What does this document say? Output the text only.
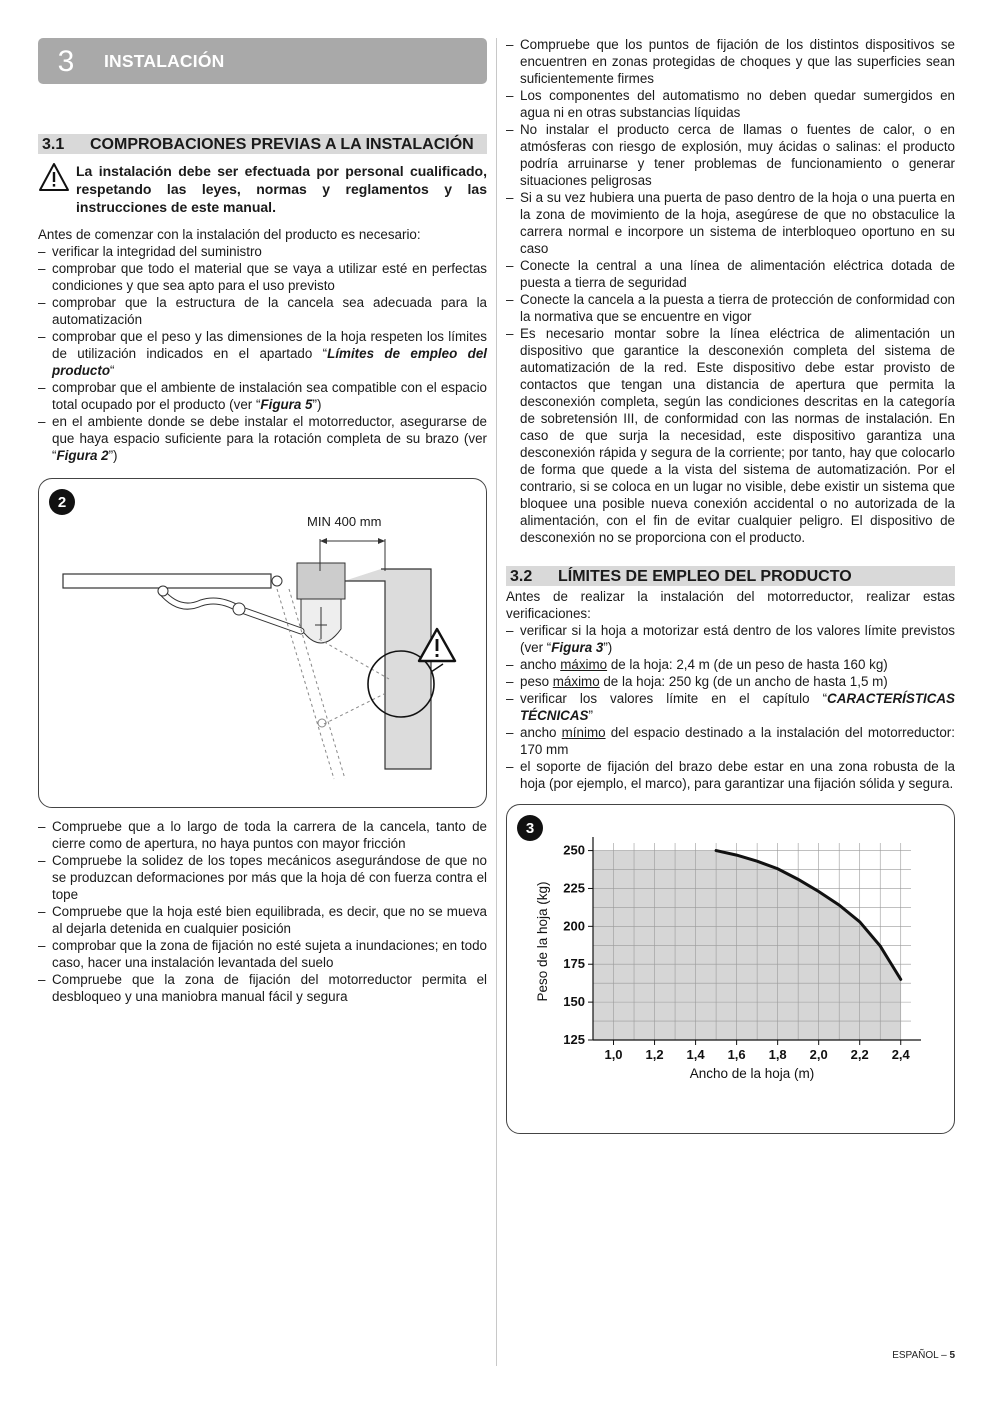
3	INSTALACIÓN
3.1	COMPROBACIONES PREVIAS A LA INSTALACIÓN
La instalación debe ser efectuada por personal cualificado, respetando las leyes, normas y reglamentos y las instrucciones de este manual.

Antes de comenzar con la instalación del producto es necesario:

– verificar la integridad del suministro
– comprobar que todo el material que se vaya a utilizar esté en perfectas condiciones y que sea apto para el uso previsto
– comprobar que la estructura de la cancela sea adecuada para la automatización
– comprobar que el peso y las dimensiones de la hoja respeten los límites de utilización indicados en el apartado “Límites de empleo del producto“
– comprobar que el ambiente de instalación sea compatible con el espacio total ocupado por el producto (ver “Figura 5”)
– en el ambiente donde se debe instalar el motorreductor, asegurarse de que haya espacio suficiente para la rotación completa de su brazo (ver “Figura 2”)
2
MIN 400 mm
– Compruebe que a lo largo de toda la carrera de la cancela, tanto de cierre como de apertura, no haya puntos con mayor fricción
– Compruebe la solidez de los topes mecánicos asegurándose de que no se produzcan deformaciones por más que la hoja dé con fuerza contra el tope
– Compruebe que la hoja esté bien equilibrada, es decir, que no se mueva al dejarla detenida en cualquier posición
– comprobar que la zona de fijación no esté sujeta a inundaciones; en todo caso, hacer una instalación levantada del suelo
– Compruebe que la zona de fijación del motorreductor permita el desbloqueo y una maniobra manual fácil y segura
– Compruebe que los puntos de fijación de los distintos dispositivos se encuentren en zonas protegidas de choques y que las superficies sean suficientemente firmes
– Los componentes del automatismo no deben quedar sumergidos en agua ni en otras substancias líquidas
– No instalar el producto cerca de llamas o fuentes de calor, o en atmósferas con riesgo de explosión, muy ácidas o salinas: el producto podría arruinarse y tener problemas de funcionamiento o generar situaciones peligrosas
– Si a su vez hubiera una puerta de paso dentro de la hoja o una puerta en la zona de movimiento de la hoja, asegúrese de que no obstaculice la carrera normal e incorpore un sistema de interbloqueo oportuno en su caso
– Conecte la central a una línea de alimentación eléctrica dotada de puesta a tierra de seguridad
– Conecte la cancela a la puesta a tierra de protección de conformidad con la normativa que se encuentre en vigor
– Es necesario montar sobre la línea eléctrica de alimentación un dispositivo que garantice la desconexión completa del sistema de automatización de la red. Este dispositivo debe estar provisto de contactos que tengan una distancia de apertura que permita la desconexión completa, según las condiciones descritas en la categoría de sobretensión III, de conformidad con las normas de instalación. En caso de que surja la necesidad, este dispositivo garantiza una desconexión rápida y segura de la corriente; por tanto, hay que colocarlo de forma que quede a la vista del sistema de automatización. Por el contrario, si se coloca en un lugar no visible, debe existir un sistema que bloquee una posible nueva conexión accidental o no autorizada de la alimentación, con el fin de evitar cualquier peligro. El dispositivo de desconexión no se proporciona con el producto.
3.2	LÍMITES DE EMPLEO DEL PRODUCTO

Antes de realizar la instalación del motorreductor, realizar estas verificaciones:

– verificar si la hoja a motorizar está dentro de los valores límite previstos (ver “Figura 3”)
– ancho máximo de la hoja: 2,4 m (de un peso de hasta 160 kg)
– peso máximo de la hoja: 250 kg (de un ancho de hasta 1,5 m)
– verificar los valores límite en el capítulo “CARACTERÍSTICAS TÉCNICAS”
– ancho mínimo del espacio destinado a la instalación del motorreductor: 170 mm
– el soporte de fijación del brazo debe estar en una zona robusta de la hoja (por ejemplo, el marco), para garantizar una fijación sólida y segura.
3
125
150
175
200
225
250
1,0 1,2 1,4 1,6 1,8 2,0 2,2 2,4
Ancho de la hoja (m)
Peso de la hoja (kg)
ESPAÑOL – 5
